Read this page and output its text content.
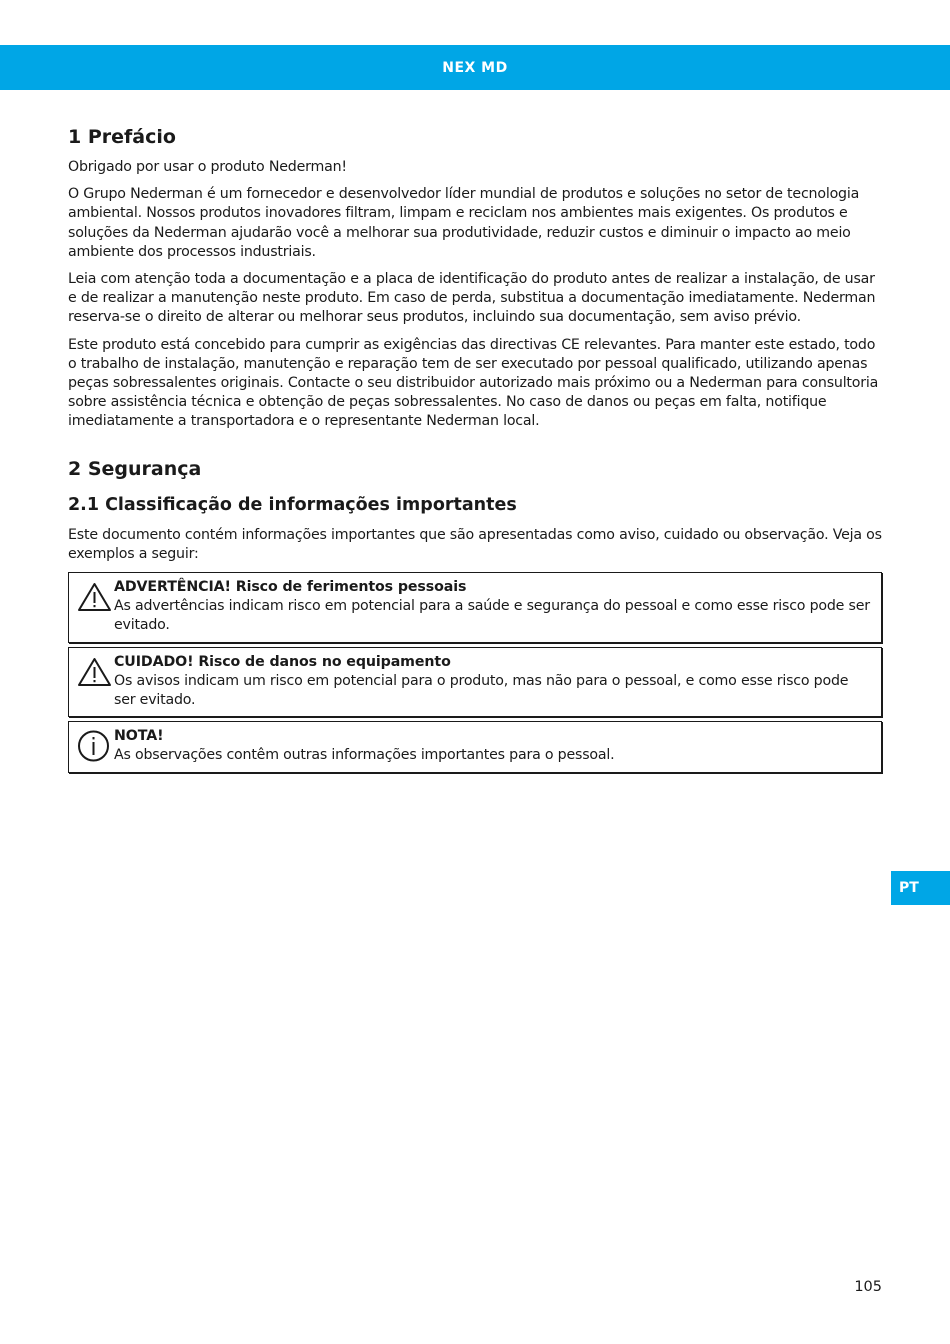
NEX MD
1 Prefácio

Obrigado por usar o produto Nederman!

O Grupo Nederman é um fornecedor e desenvolvedor líder mundial de produtos e soluções no setor de tecnologia ambiental. Nossos produtos inovadores filtram, limpam e reciclam nos ambientes mais exigentes. Os produtos e soluções da Nederman ajudarão você a melhorar sua produtividade, reduzir custos e diminuir o impacto ao meio ambiente dos processos industriais.

Leia com atenção toda a documentação e a placa de identificação do produto antes de realizar a instalação, de usar e de realizar a manutenção neste produto. Em caso de perda, substitua a documentação imediatamente. Nederman reserva-se o direito de alterar ou melhorar seus produtos, incluindo sua documentação, sem aviso prévio.

Este produto está concebido para cumprir as exigências das directivas CE relevantes. Para manter este estado, todo o trabalho de instalação, manutenção e reparação tem de ser executado por pessoal qualificado, utilizando apenas peças sobressalentes originais. Contacte o seu distribuidor autorizado mais próximo ou a Nederman para consultoria sobre assistência técnica e obtenção de peças sobressalentes. No caso de danos ou peças em falta, notifique imediatamente a transportadora e o representante Nederman local.

2 Segurança
2.1 Classificação de informações importantes

Este documento contém informações importantes que são apresentadas como aviso, cuidado ou observação. Veja os exemplos a seguir:

ADVERTÊNCIA! Risco de ferimentos pessoais
As advertências indicam risco em potencial para a saúde e segurança do pessoal e como esse risco pode ser evitado.
CUIDADO! Risco de danos no equipamento
Os avisos indicam um risco em potencial para o produto, mas não para o pessoal, e como esse risco pode ser evitado.
NOTA!
As observações contêm outras informações importantes para o pessoal.
PT
105
